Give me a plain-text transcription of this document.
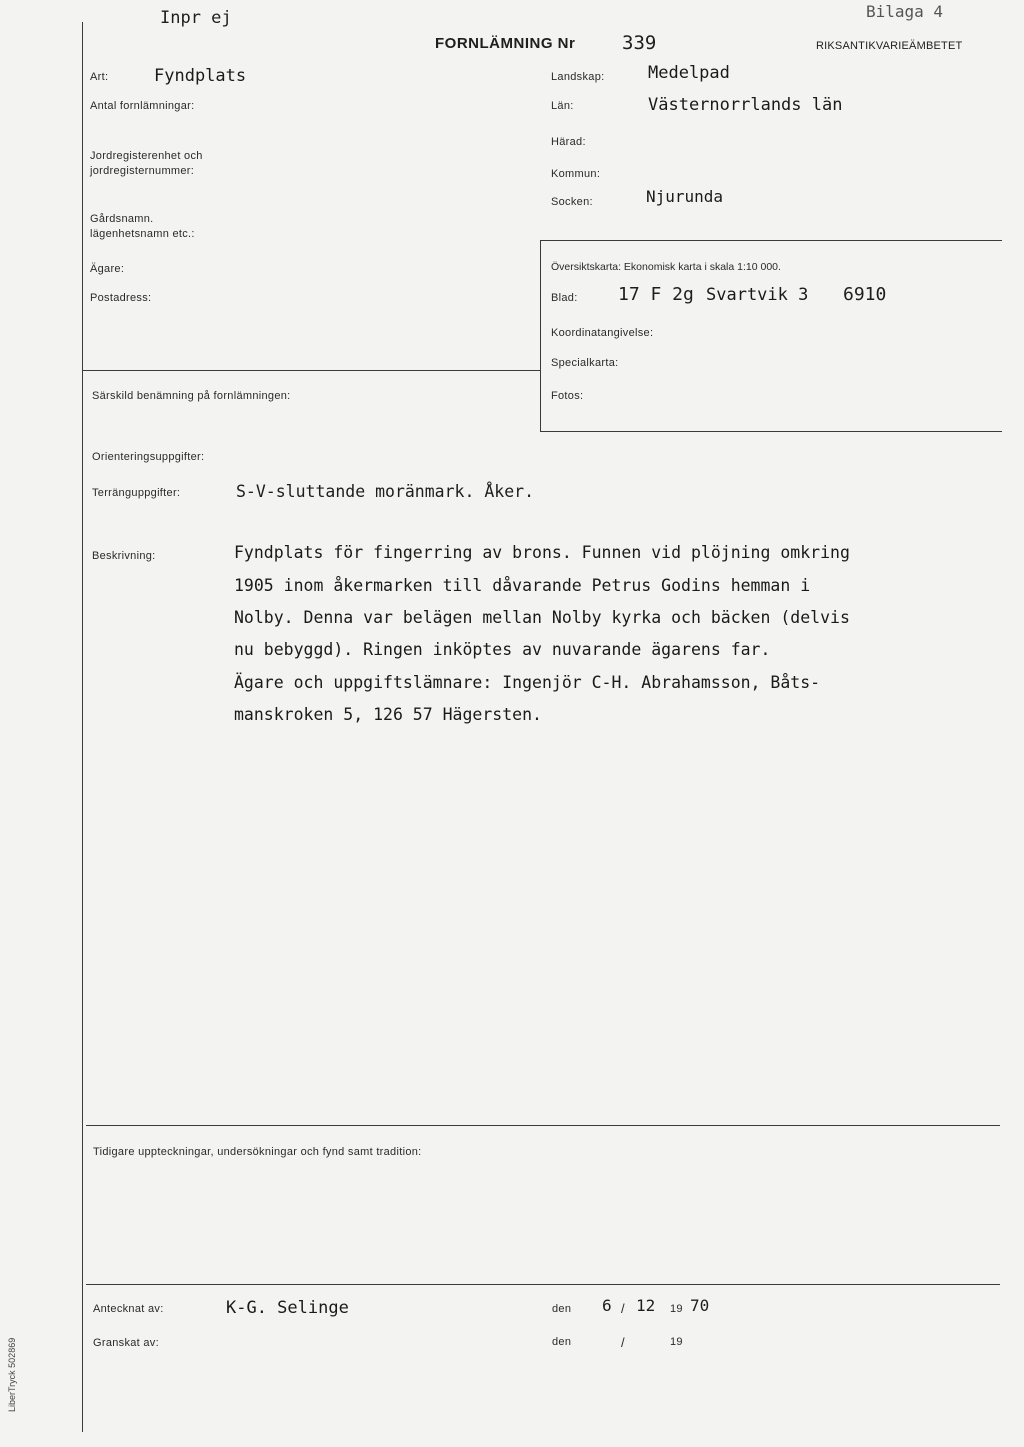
Inpr ej	Bilaga 4
FORNLÄMNING Nr 339	RIKSANTIKVARIEÄMBETET
Art:	Fyndplats
Antal fornlämningar:
Jordregisterenhet och
jordregisternummer:
Gårdsnamn.
lägenhetsnamn etc.:
Ägare:
Postadress:
Särskild benämning på fornlämningen:
Landskap:	Medelpad
Län:	Västernorrlands län
Härad:
Kommun:
Socken:	Njurunda
Översiktskarta: Ekonomisk karta i skala 1:10 000.
Blad: 17 F 2g Svartvik 3 6910
Koordinatangivelse:
Specialkarta:
Fotos:
Orienteringsuppgifter:
Terränguppgifter:	S-V-sluttande moränmark. Åker.
Beskrivning:	Fyndplats för fingerring av brons. Funnen vid plöjning omkring
1905 inom åkermarken till dåvarande Petrus Godins hemman i
Nolby. Denna var belägen mellan Nolby kyrka och bäcken (delvis
nu bebyggd). Ringen inköptes av nuvarande ägarens far.
Ägare och uppgiftslämnare: Ingenjör C-H. Abrahamsson, Båts-
manskroken 5, 126 57 Hägersten.
Tidigare uppteckningar, undersökningar och fynd samt tradition:
Antecknat av:	K-G. Selinge	den 6 / 12 19 70
Granskat av:	den	/	19
LiberTryck 502869
